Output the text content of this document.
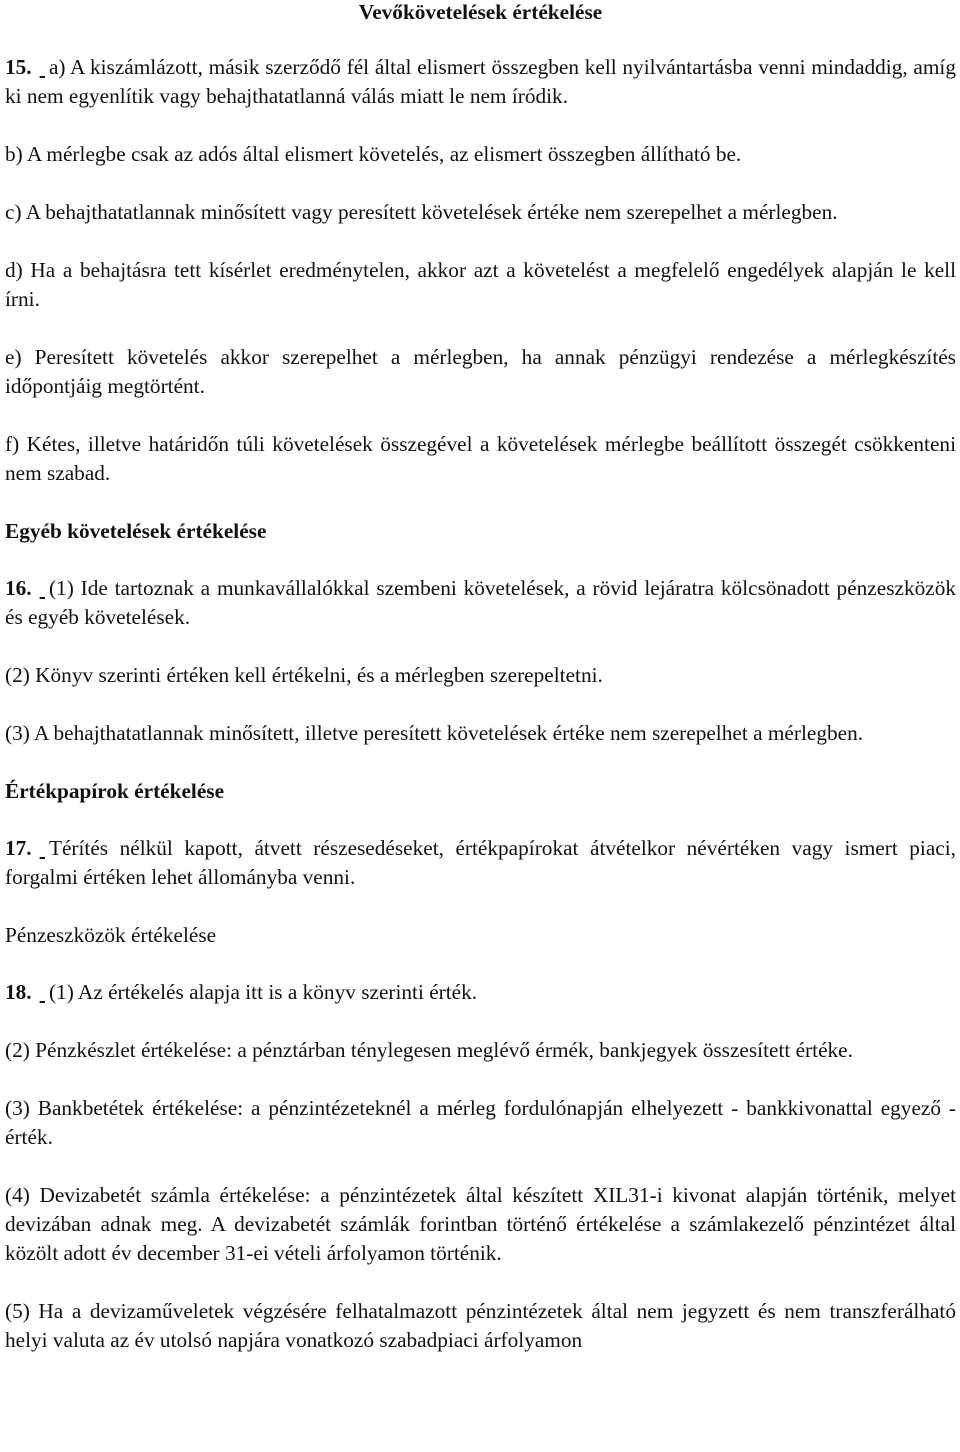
Vevőkövetelések értékelése

15. a) A kiszámlázott, másik szerződő fél által elismert összegben kell nyilvántartásba venni mindaddig, amíg ki nem egyenlítik vagy behajthatatlanná válás miatt le nem íródik.

b) A mérlegbe csak az adós által elismert követelés, az elismert összegben állítható be.

c) A behajthatatlannak minősített vagy peresített követelések értéke nem szerepelhet a mérlegben.

d) Ha a behajtásra tett kísérlet eredménytelen, akkor azt a követelést a megfelelő engedélyek alapján le kell írni.

e) Peresített követelés akkor szerepelhet a mérlegben, ha annak pénzügyi rendezése a mérlegkészítés időpontjáig megtörtént.

f) Kétes, illetve határidőn túli követelések összegével a követelések mérlegbe beállított összegét csökkenteni nem szabad.

Egyéb követelések értékelése

16. (1) Ide tartoznak a munkavállalókkal szembeni követelések, a rövid lejáratra kölcsönadott pénzeszközök és egyéb követelések.

(2) Könyv szerinti értéken kell értékelni, és a mérlegben szerepeltetni.

(3) A behajthatatlannak minősített, illetve peresített követelések értéke nem szerepelhet a mérlegben.

Értékpapírok értékelése

17. Térítés nélkül kapott, átvett részesedéseket, értékpapírokat átvételkor névértéken vagy ismert piaci, forgalmi értéken lehet állományba venni.

Pénzeszközök értékelése

18. (1) Az értékelés alapja itt is a könyv szerinti érték.

(2) Pénzkészlet értékelése: a pénztárban ténylegesen meglévő érmék, bankjegyek összesített értéke.

(3) Bankbetétek értékelése: a pénzintézeteknél a mérleg fordulónapján elhelyezett - bankkivonattal egyező - érték.

(4) Devizabetét számla értékelése: a pénzintézetek által készített XIL31-i kivonat alapján történik, melyet devizában adnak meg. A devizabetét számlák forintban történő értékelése a számlakezelő pénzintézet által közölt adott év december 31-ei vételi árfolyamon történik.

(5) Ha a devizaműveletek végzésére felhatalmazott pénzintézetek által nem jegyzett és nem transzferálható helyi valuta az év utolsó napjára vonatkozó szabadpiaci árfolyamon
